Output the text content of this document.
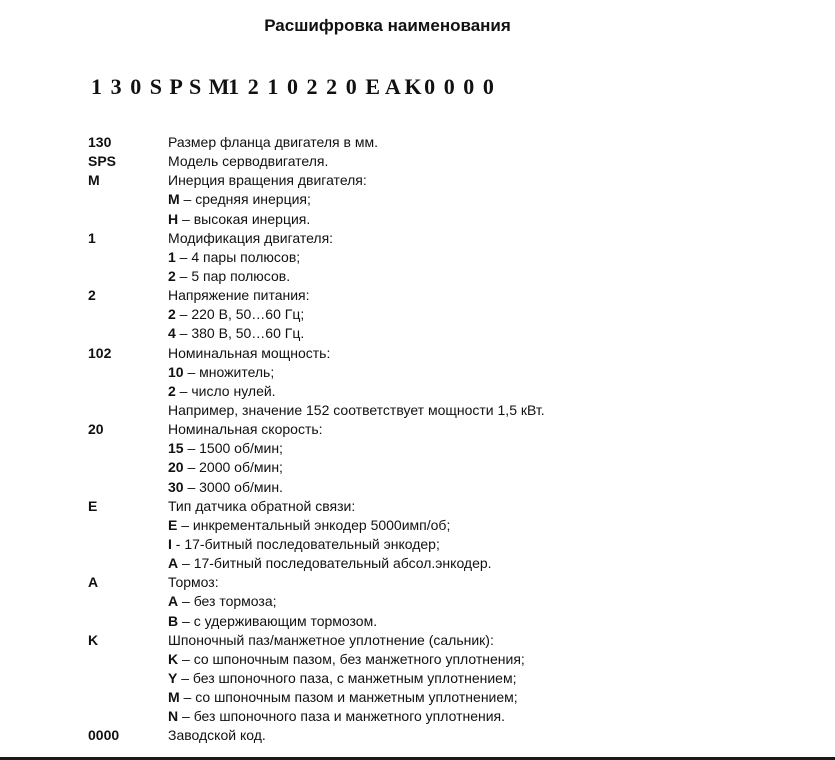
Расшифровка наименования
1 3 0 S P S M
1 2 1 0 2 2 0 E A K 0 0 0 0
130	Размер фланца двигателя в мм.
SPS	Модель серводвигателя.
M	Инерция вращения двигателя:
M – средняя инерция;
H – высокая инерция.
1	Модификация двигателя:
1 – 4 пары полюсов;
2 – 5 пар полюсов.
2	Напряжение питания:
2 – 220 В, 50…60 Гц;
4 – 380 В, 50…60 Гц.
102	Номинальная мощность:
10 – множитель;
2 – число нулей.
Например, значение 152 соответствует мощности 1,5 кВт.
20	Номинальная скорость:
15 – 1500 об/мин;
20 – 2000 об/мин;
30 – 3000 об/мин.
E	Тип датчика обратной связи:
E – инкрементальный энкодер 5000имп/об;
I - 17-битный последовательный энкодер;
A – 17-битный последовательный абсол.энкодер.
A	Тормоз:
A – без тормоза;
B – с удерживающим тормозом.
K	Шпоночный паз/манжетное уплотнение (сальник):
K – со шпоночным пазом, без манжетного уплотнения;
Y – без шпоночного паза, с манжетным уплотнением;
M – со шпоночным пазом и манжетным уплотнением;
N – без шпоночного паза и манжетного уплотнения.
0000	Заводской код.
